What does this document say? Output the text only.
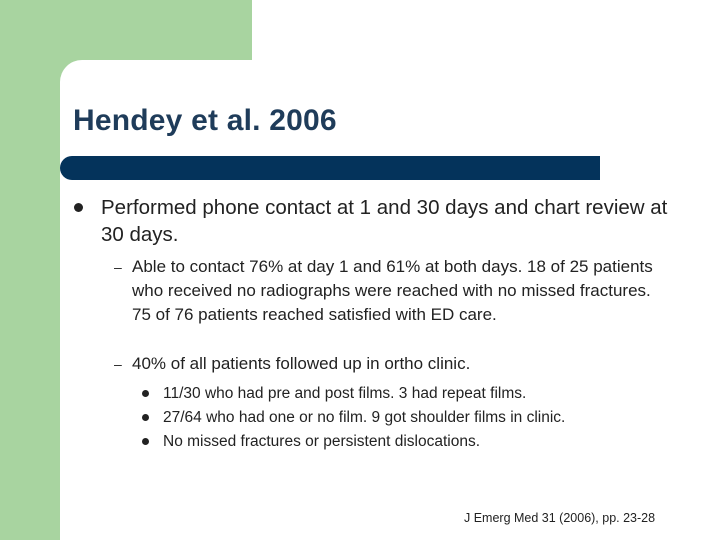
Hendey et al. 2006
Performed phone contact at 1 and 30 days and chart review at 30 days.
– Able to contact 76% at day 1 and 61% at both days. 18 of 25 patients who received no radiographs were reached with no missed fractures. 75 of 76 patients reached satisfied with ED care.
– 40% of all patients followed up in ortho clinic.
11/30 who had pre and post films. 3 had repeat films.
27/64 who had one or no film. 9 got shoulder films in clinic.
No missed fractures or persistent dislocations.
J Emerg Med 31 (2006), pp. 23-28
